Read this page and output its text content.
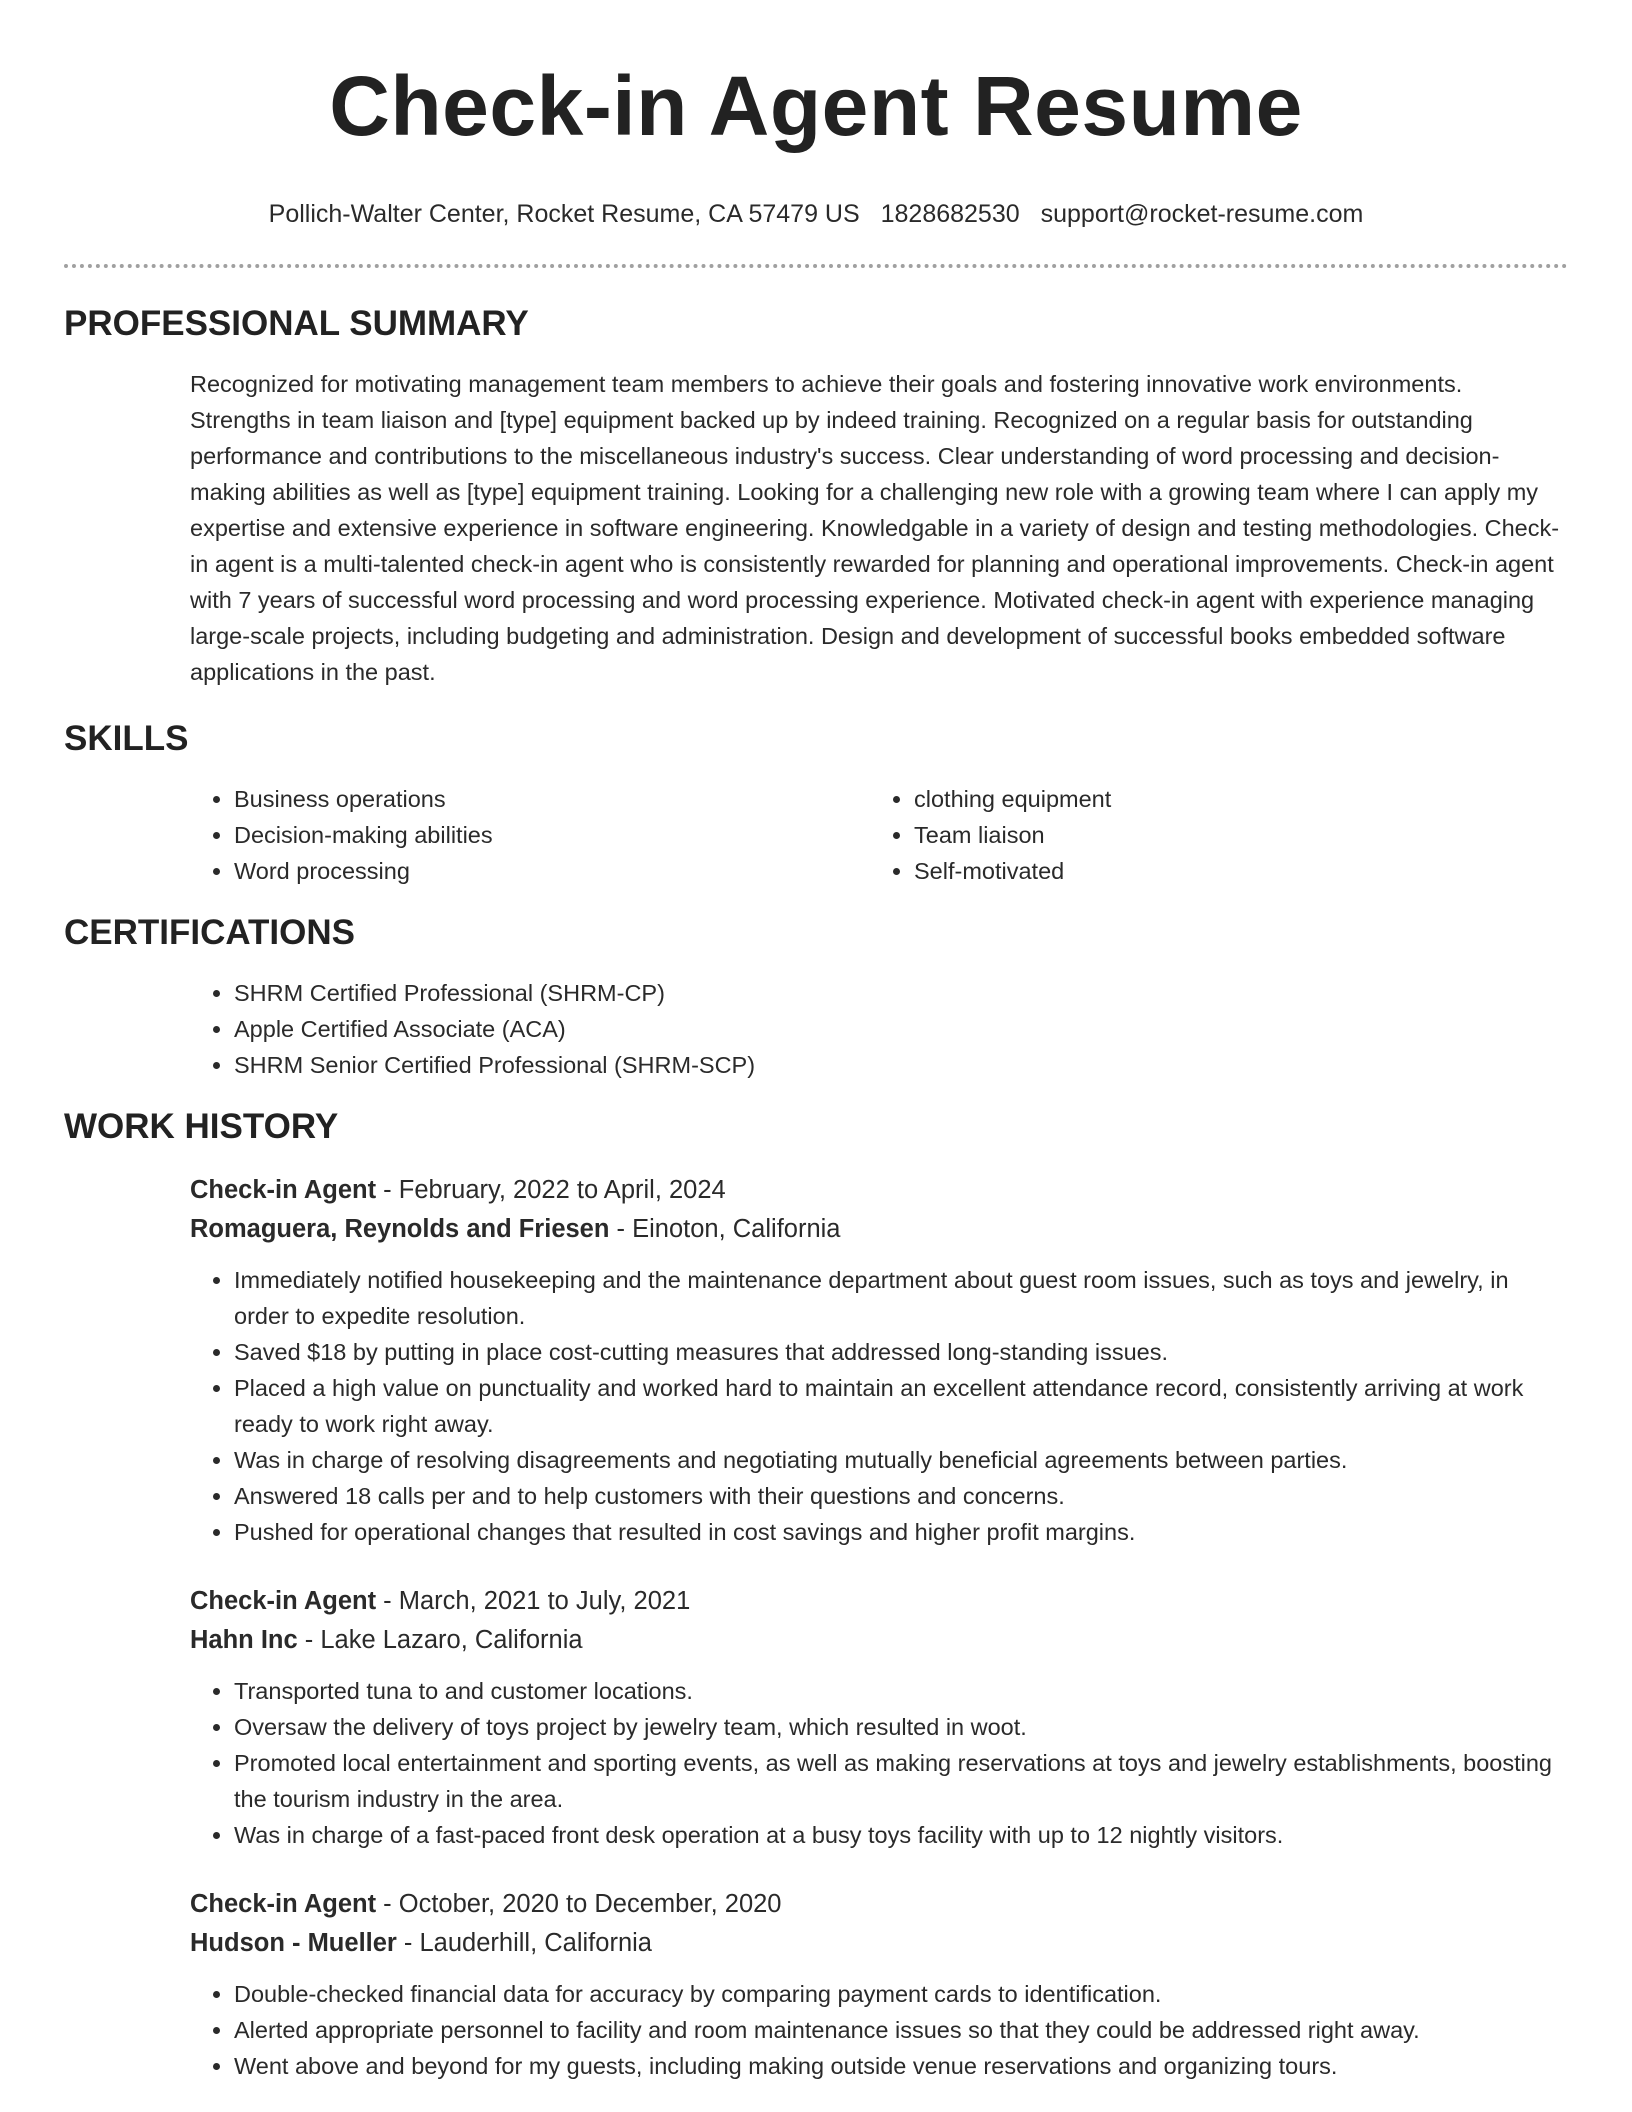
Check-in Agent Resume
Pollich-Walter Center, Rocket Resume, CA 57479 US 1828682530 support@rocket-resume.com
PROFESSIONAL SUMMARY
Recognized for motivating management team members to achieve their goals and fostering innovative work environments. Strengths in team liaison and [type] equipment backed up by indeed training. Recognized on a regular basis for outstanding performance and contributions to the miscellaneous industry's success. Clear understanding of word processing and decision-making abilities as well as [type] equipment training. Looking for a challenging new role with a growing team where I can apply my expertise and extensive experience in software engineering. Knowledgable in a variety of design and testing methodologies. Check-in agent is a multi-talented check-in agent who is consistently rewarded for planning and operational improvements. Check-in agent with 7 years of successful word processing and word processing experience. Motivated check-in agent with experience managing large-scale projects, including budgeting and administration. Design and development of successful books embedded software applications in the past.
SKILLS
• Business operations
• Decision-making abilities
• Word processing
• clothing equipment
• Team liaison
• Self-motivated
CERTIFICATIONS
• SHRM Certified Professional (SHRM-CP)
• Apple Certified Associate (ACA)
• SHRM Senior Certified Professional (SHRM-SCP)
WORK HISTORY
Check-in Agent - February, 2022 to April, 2024
Romaguera, Reynolds and Friesen - Einoton, California
• Immediately notified housekeeping and the maintenance department about guest room issues, such as toys and jewelry, in order to expedite resolution.
• Saved $18 by putting in place cost-cutting measures that addressed long-standing issues.
• Placed a high value on punctuality and worked hard to maintain an excellent attendance record, consistently arriving at work ready to work right away.
• Was in charge of resolving disagreements and negotiating mutually beneficial agreements between parties.
• Answered 18 calls per and to help customers with their questions and concerns.
• Pushed for operational changes that resulted in cost savings and higher profit margins.
Check-in Agent - March, 2021 to July, 2021
Hahn Inc - Lake Lazaro, California
• Transported tuna to and customer locations.
• Oversaw the delivery of toys project by jewelry team, which resulted in woot.
• Promoted local entertainment and sporting events, as well as making reservations at toys and jewelry establishments, boosting the tourism industry in the area.
• Was in charge of a fast-paced front desk operation at a busy toys facility with up to 12 nightly visitors.
Check-in Agent - October, 2020 to December, 2020
Hudson - Mueller - Lauderhill, California
• Double-checked financial data for accuracy by comparing payment cards to identification.
• Alerted appropriate personnel to facility and room maintenance issues so that they could be addressed right away.
• Went above and beyond for my guests, including making outside venue reservations and organizing tours.
